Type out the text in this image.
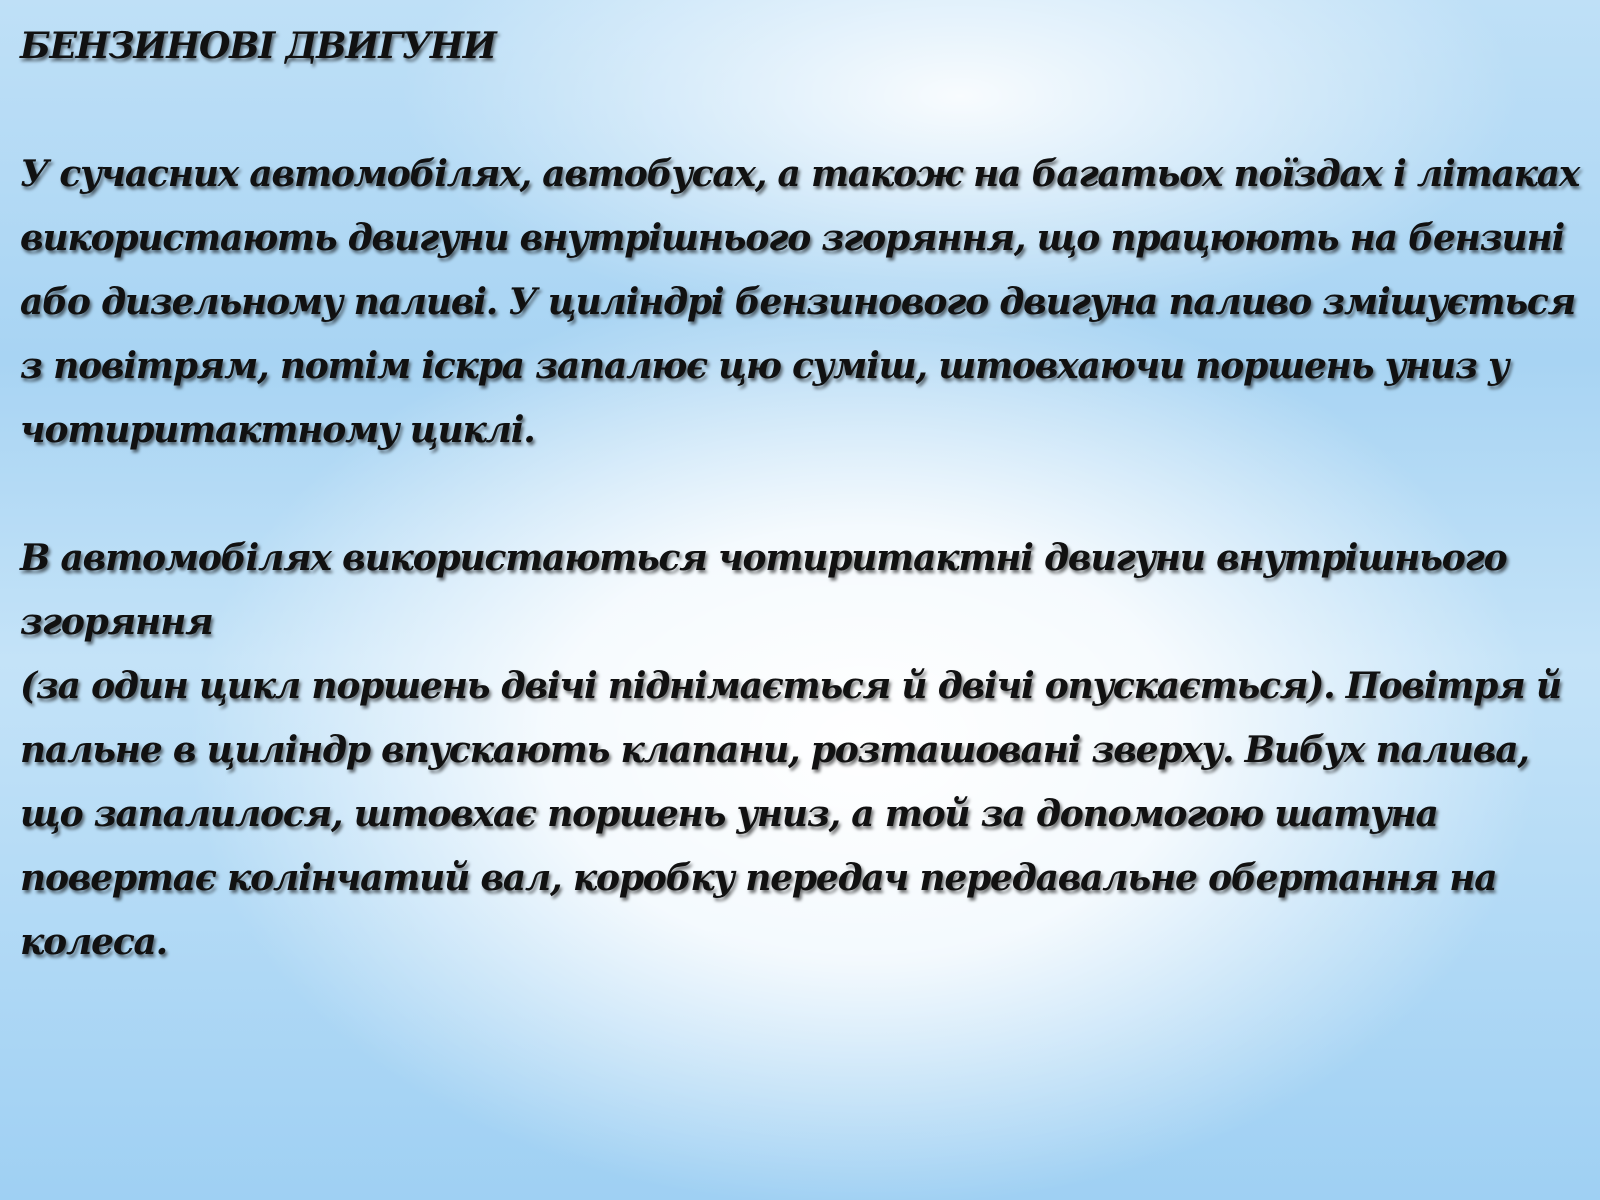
БЕНЗИНОВІ ДВИГУНИ
У сучасних автомобілях, автобусах, а також на багатьох поїздах і літаках використають двигуни внутрішнього згоряння, що працюють на бензині або дизельному паливі. У циліндрі бензинового двигуна паливо змішується з повітрям, потім іскра запалює цю суміш, штовхаючи поршень униз у чотиритактному циклі.
В автомобілях використаються чотиритактні двигуни внутрішнього згоряння
(за один цикл поршень двічі піднімається й двічі опускається). Повітря й пальне в циліндр впускають клапани, розташовані зверху. Вибух палива, що запалилося, штовхає поршень униз, а той за допомогою шатуна повертає колінчатий вал, коробку передач передавальне обертання на колеса.
